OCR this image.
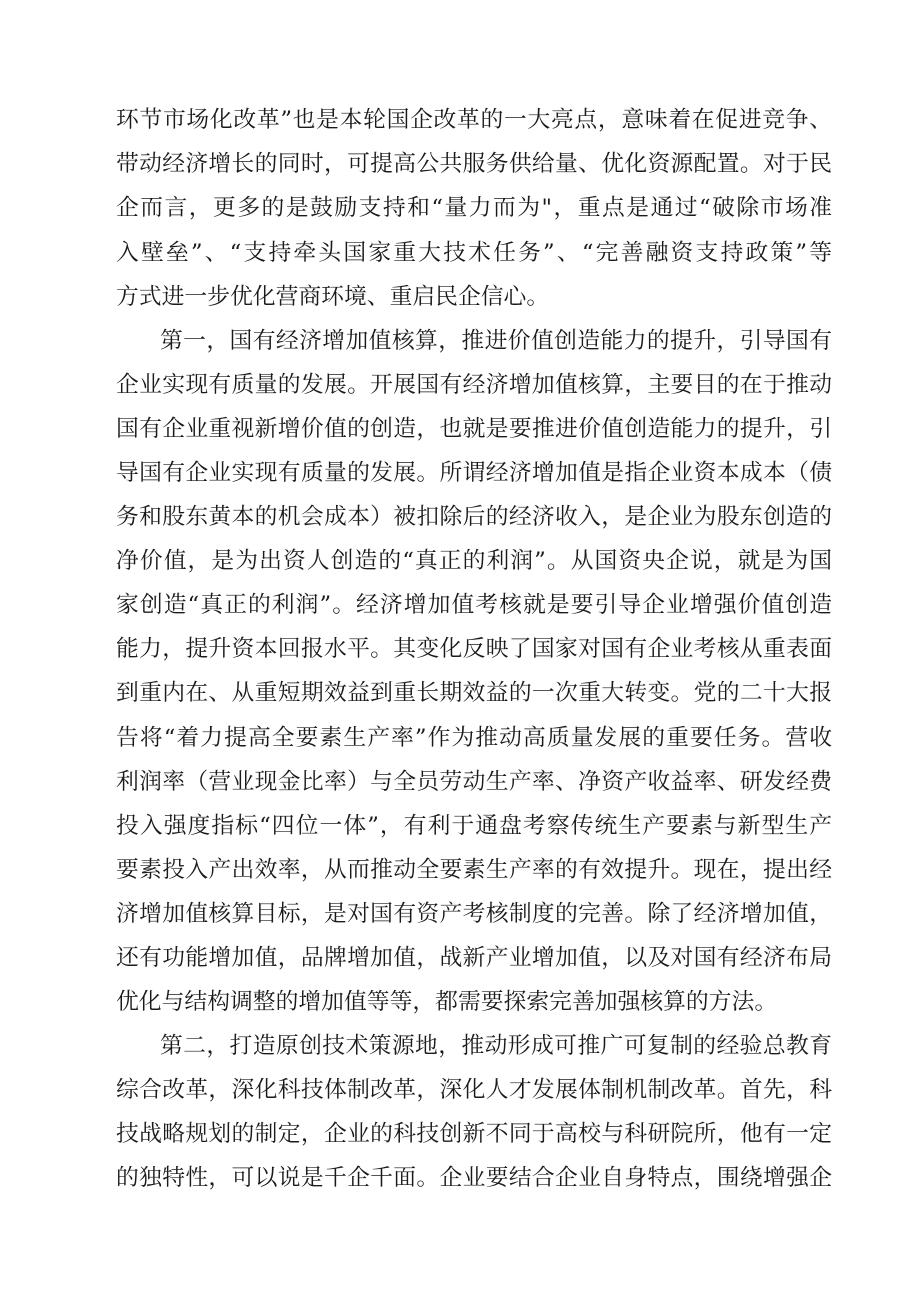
环节市场化改革”也是本轮国企改革的一大亮点，意味着在促进竞争、
带动经济增长的同时，可提高公共服务供给量、优化资源配置。对于民
企而言，更多的是鼓励支持和“量力而为"，重点是通过“破除市场准
入壁垒”、“支持牵头国家重大技术任务”、“完善融资支持政策”等
方式进一步优化营商环境、重启民企信心。
第一，国有经济增加值核算，推进价值创造能力的提升，引导国有
企业实现有质量的发展。开展国有经济增加值核算，主要目的在于推动
国有企业重视新增价值的创造，也就是要推进价值创造能力的提升，引
导国有企业实现有质量的发展。所谓经济增加值是指企业资本成本（债
务和股东黄本的机会成本）被扣除后的经济收入，是企业为股东创造的
净价值，是为出资人创造的“真正的利润”。从国资央企说，就是为国
家创造“真正的利润”。经济增加值考核就是要引导企业增强价值创造
能力，提升资本回报水平。其变化反映了国家对国有企业考核从重表面
到重内在、从重短期效益到重长期效益的一次重大转变。党的二十大报
告将“着力提高全要素生产率”作为推动高质量发展的重要任务。营收
利润率（营业现金比率）与全员劳动生产率、净资产收益率、研发经费
投入强度指标“四位一体”，有利于通盘考察传统生产要素与新型生产
要素投入产出效率，从而推动全要素生产率的有效提升。现在，提出经
济增加值核算目标，是对国有资产考核制度的完善。除了经济增加值，
还有功能增加值，品牌增加值，战新产业增加值，以及对国有经济布局
优化与结构调整的增加值等等，都需要探索完善加强核算的方法。
第二，打造原创技术策源地，推动形成可推广可复制的经验总教育
综合改革，深化科技体制改革，深化人才发展体制机制改革。首先，科
技战略规划的制定，企业的科技创新不同于高校与科研院所，他有一定
的独特性，可以说是千企千面。企业要结合企业自身特点，围绕增强企
